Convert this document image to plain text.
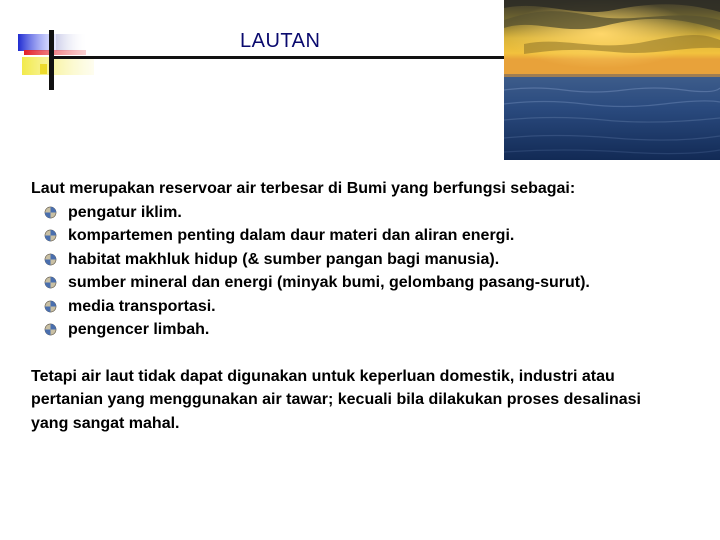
LAUTAN

Laut merupakan reservoar air terbesar di Bumi yang berfungsi sebagai:

pengatur iklim.
kompartemen penting dalam daur materi dan aliran energi.
habitat makhluk hidup (& sumber pangan bagi manusia).
sumber mineral dan energi (minyak bumi, gelombang pasang-surut).
media transportasi.
pengencer limbah.

Tetapi air laut tidak dapat digunakan untuk keperluan domestik, industri atau pertanian yang menggunakan air tawar; kecuali bila dilakukan proses desalinasi yang sangat mahal.
